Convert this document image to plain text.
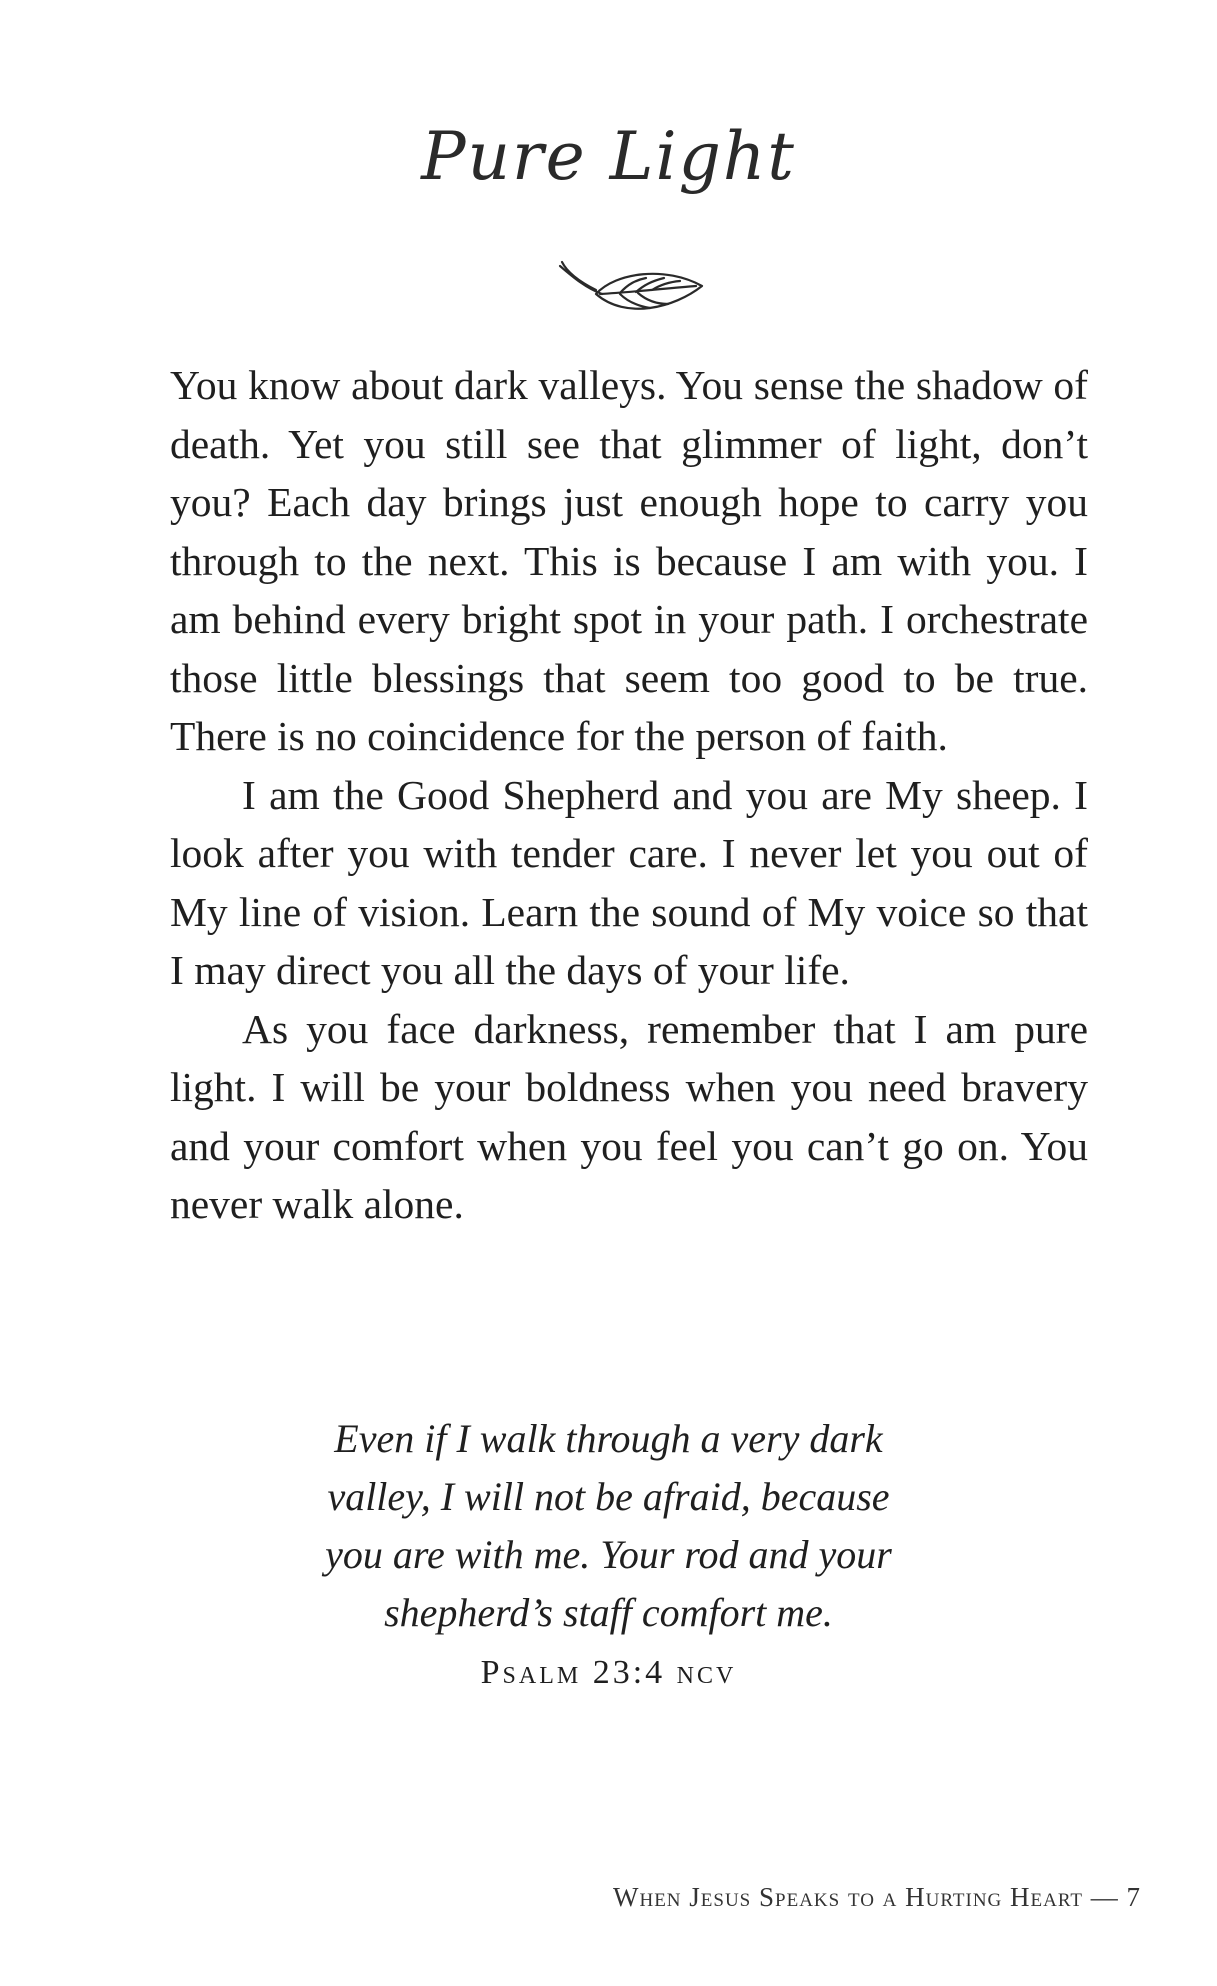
Pure Light

You know about dark valleys. You sense the shadow of death. Yet you still see that glimmer of light, don’t you? Each day brings just enough hope to carry you through to the next. This is because I am with you. I am behind every bright spot in your path. I orchestrate those little blessings that seem too good to be true. There is no coincidence for the person of faith.

I am the Good Shepherd and you are My sheep. I look after you with tender care. I never let you out of My line of vision. Learn the sound of My voice so that I may direct you all the days of your life.

As you face darkness, remember that I am pure light. I will be your boldness when you need bravery and your comfort when you feel you can’t go on. You never walk alone.

Even if I walk through a very dark
valley, I will not be afraid, because
you are with me. Your rod and your
shepherd’s staff comfort me.
Psalm 23:4 ncv
When Jesus Speaks to a Hurting Heart — 7
